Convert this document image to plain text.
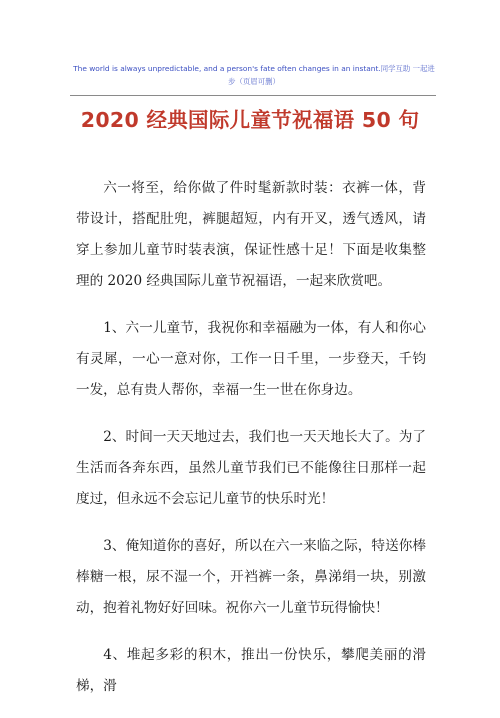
The world is always unpredictable, and a person's fate often changes in an instant.同学互助 一起进步（页眉可删）
2020 经典国际儿童节祝福语 50 句

六一将至，给你做了件时髦新款时装：衣裤一体，背带设计，搭配肚兜，裤腿超短，内有开叉，透气透风，请穿上参加儿童节时装表演，保证性感十足！下面是收集整理的 2020 经典国际儿童节祝福语，一起来欣赏吧。

1、六一儿童节，我祝你和幸福融为一体，有人和你心有灵犀，一心一意对你，工作一日千里，一步登天，千钧一发，总有贵人帮你，幸福一生一世在你身边。

2、时间一天天地过去，我们也一天天地长大了。为了生活而各奔东西，虽然儿童节我们已不能像往日那样一起度过，但永远不会忘记儿童节的快乐时光！

3、俺知道你的喜好，所以在六一来临之际，特送你棒棒糖一根，尿不湿一个，开裆裤一条，鼻涕绢一块，别激动，抱着礼物好好回味。祝你六一儿童节玩得愉快！

4、堆起多彩的积木，推出一份快乐，攀爬美丽的滑梯，滑
